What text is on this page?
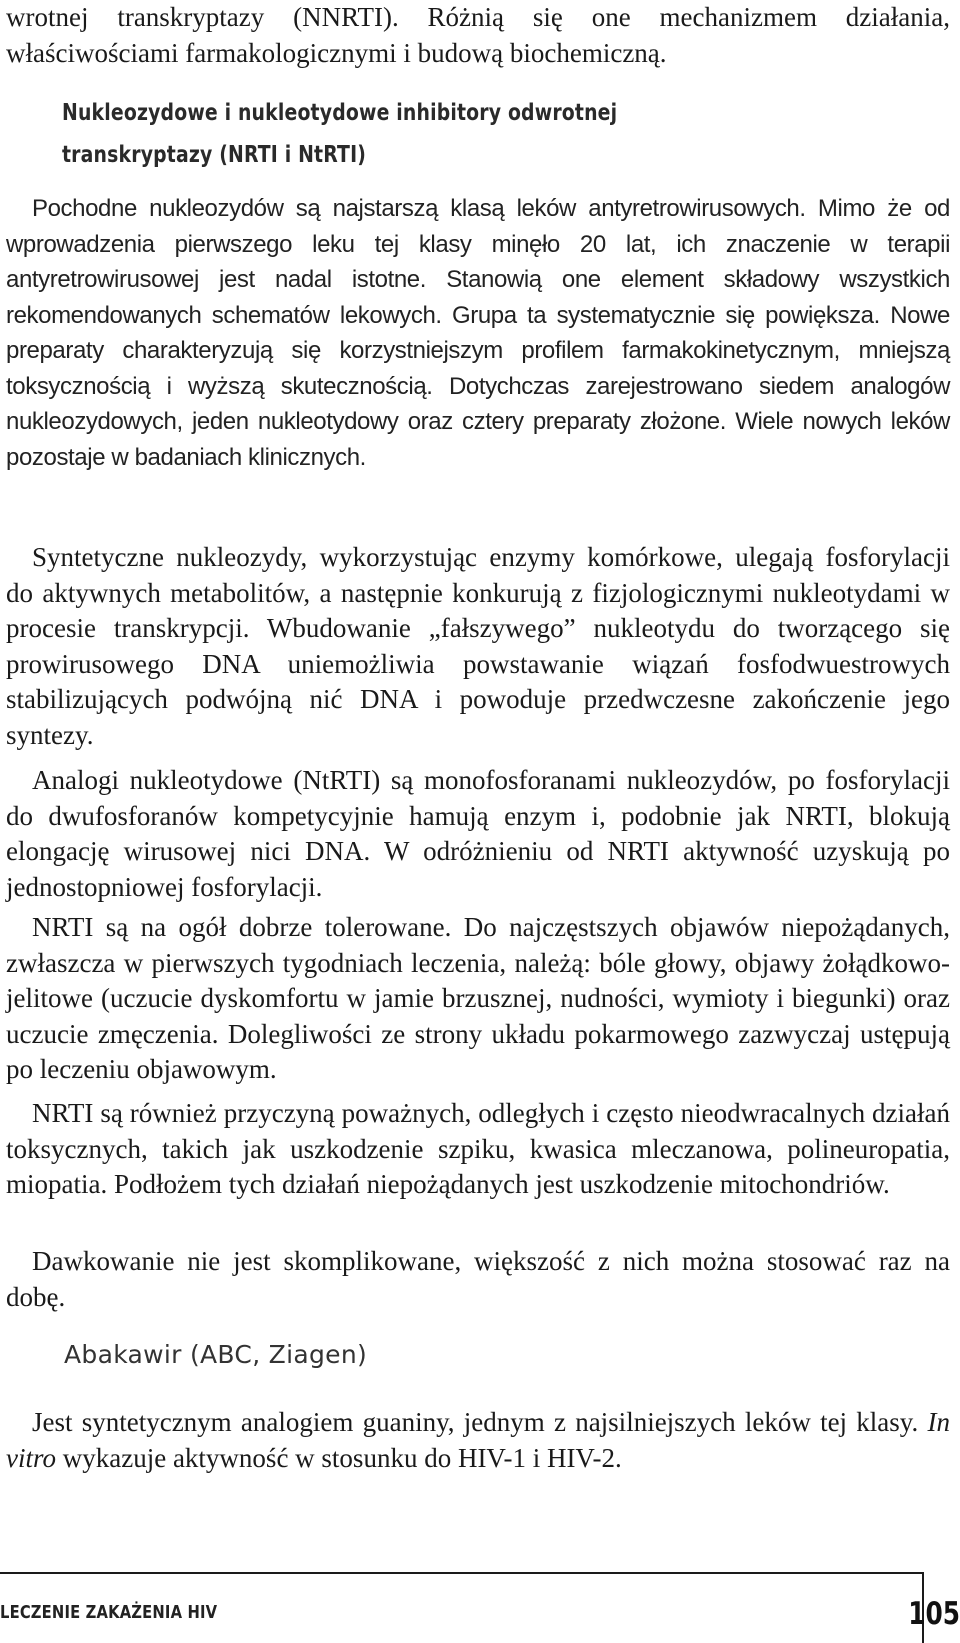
wrotnej transkryptazy (NNRTI). Różnią się one mechanizmem działania, właściwościami farmakologicznymi i budową biochemiczną.

Nukleozydowe i nukleotydowe inhibitory odwrotnej transkryptazy (NRTI i NtRTI)

Pochodne nukleozydów są najstarszą klasą leków antyretrowirusowych. Mimo że od wprowadzenia pierwszego leku tej klasy minęło 20 lat, ich znaczenie w terapii antyretrowirusowej jest nadal istotne. Stanowią one element składowy wszystkich rekomendowanych schematów lekowych. Grupa ta systematycznie się powiększa. Nowe preparaty charakteryzują się korzystniejszym profilem farmakokinetycznym, mniejszą toksycznością i wyższą skutecznością. Dotychczas zarejestrowano siedem analogów nukleozydowych, jeden nukleotydowy oraz cztery preparaty złożone. Wiele nowych leków pozostaje w badaniach klinicznych.

Syntetyczne nukleozydy, wykorzystując enzymy komórkowe, ulegają fosforylacji do aktywnych metabolitów, a następnie konkurują z fizjologicznymi nukleotydami w procesie transkrypcji. Wbudowanie „fałszywego” nukleotydu do tworzącego się prowirusowego DNA uniemożliwia powstawanie wiązań fosfodwuestrowych stabilizujących podwójną nić DNA i powoduje przedwczesne zakończenie jego syntezy.

Analogi nukleotydowe (NtRTI) są monofosforanami nukleozydów, po fosforylacji do dwufosforanów kompetycyjnie hamują enzym i, podobnie jak NRTI, blokują elongację wirusowej nici DNA. W odróżnieniu od NRTI aktywność uzyskują po jednostopniowej fosforylacji.

NRTI są na ogół dobrze tolerowane. Do najczęstszych objawów niepożądanych, zwłaszcza w pierwszych tygodniach leczenia, należą: bóle głowy, objawy żołądkowo-jelitowe (uczucie dyskomfortu w jamie brzusznej, nudności, wymioty i biegunki) oraz uczucie zmęczenia. Dolegliwości ze strony układu pokarmowego zazwyczaj ustępują po leczeniu objawowym.

NRTI są również przyczyną poważnych, odległych i często nieodwracalnych działań toksycznych, takich jak uszkodzenie szpiku, kwasica mleczanowa, polineuropatia, miopatia. Podłożem tych działań niepożądanych jest uszkodzenie mitochondriów.

Dawkowanie nie jest skomplikowane, większość z nich można stosować raz na dobę.

Abakawir (ABC, Ziagen)

Jest syntetycznym analogiem guaniny, jednym z najsilniejszych leków tej klasy. In vitro wykazuje aktywność w stosunku do HIV-1 i HIV-2.

LECZENIE ZAKAŻENIA HIV	105
